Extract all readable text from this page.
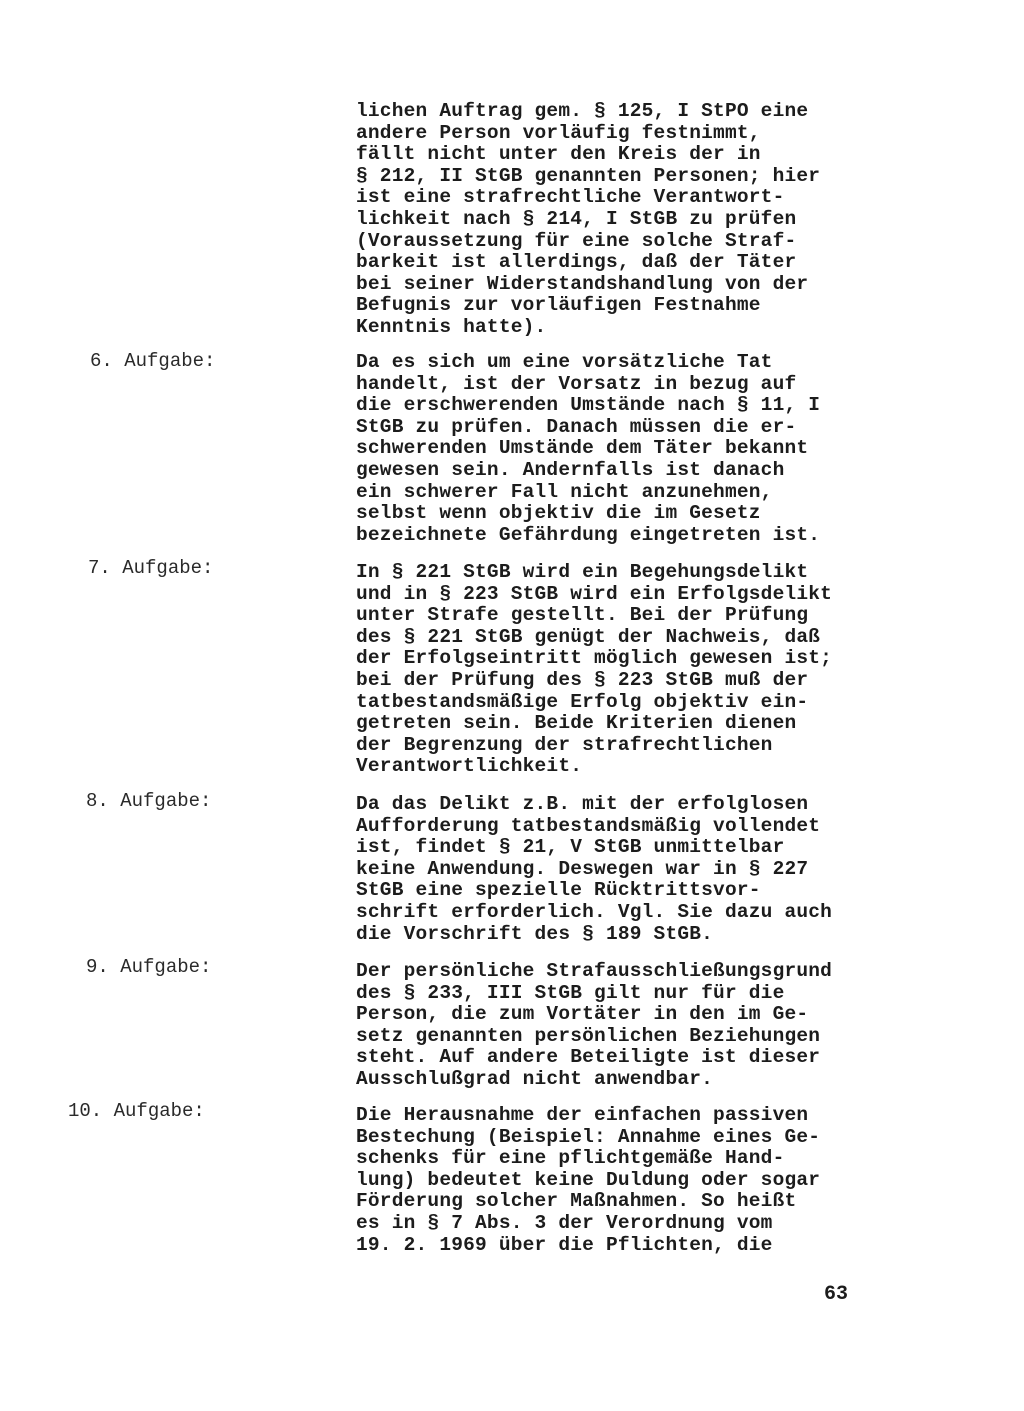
lichen Auftrag gem. § 125, I StPO eine
andere Person vorläufig festnimmt,
fällt nicht unter den Kreis der in
§ 212, II StGB genannten Personen; hier
ist eine strafrechtliche Verantwort-
lichkeit nach § 214, I StGB zu prüfen
(Voraussetzung für eine solche Straf-
barkeit ist allerdings, daß der Täter
bei seiner Widerstandshandlung von der
Befugnis zur vorläufigen Festnahme
Kenntnis hatte).
6. Aufgabe:	Da es sich um eine vorsätzliche Tat
handelt, ist der Vorsatz in bezug auf
die erschwerenden Umstände nach § 11, I
StGB zu prüfen. Danach müssen die er-
schwerenden Umstände dem Täter bekannt
gewesen sein. Andernfalls ist danach
ein schwerer Fall nicht anzunehmen,
selbst wenn objektiv die im Gesetz
bezeichnete Gefährdung eingetreten ist.
7. Aufgabe:	In § 221 StGB wird ein Begehungsdelikt
und in § 223 StGB wird ein Erfolgsdelikt
unter Strafe gestellt. Bei der Prüfung
des § 221 StGB genügt der Nachweis, daß
der Erfolgseintritt möglich gewesen ist;
bei der Prüfung des § 223 StGB muß der
tatbestandsmäßige Erfolg objektiv ein-
getreten sein. Beide Kriterien dienen
der Begrenzung der strafrechtlichen
Verantwortlichkeit.
8. Aufgabe:	Da das Delikt z.B. mit der erfolglosen
Aufforderung tatbestandsmäßig vollendet
ist, findet § 21, V StGB unmittelbar
keine Anwendung. Deswegen war in § 227
StGB eine spezielle Rücktrittsvor-
schrift erforderlich. Vgl. Sie dazu auch
die Vorschrift des § 189 StGB.
9. Aufgabe:	Der persönliche Strafausschließungsgrund
des § 233, III StGB gilt nur für die
Person, die zum Vortäter in den im Ge-
setz genannten persönlichen Beziehungen
steht. Auf andere Beteiligte ist dieser
Ausschlußgrad nicht anwendbar.
10. Aufgabe:	Die Herausnahme der einfachen passiven
Bestechung (Beispiel: Annahme eines Ge-
schenks für eine pflichtgemäße Hand-
lung) bedeutet keine Duldung oder sogar
Förderung solcher Maßnahmen. So heißt
es in § 7 Abs. 3 der Verordnung vom
19. 2. 1969 über die Pflichten, die
63
